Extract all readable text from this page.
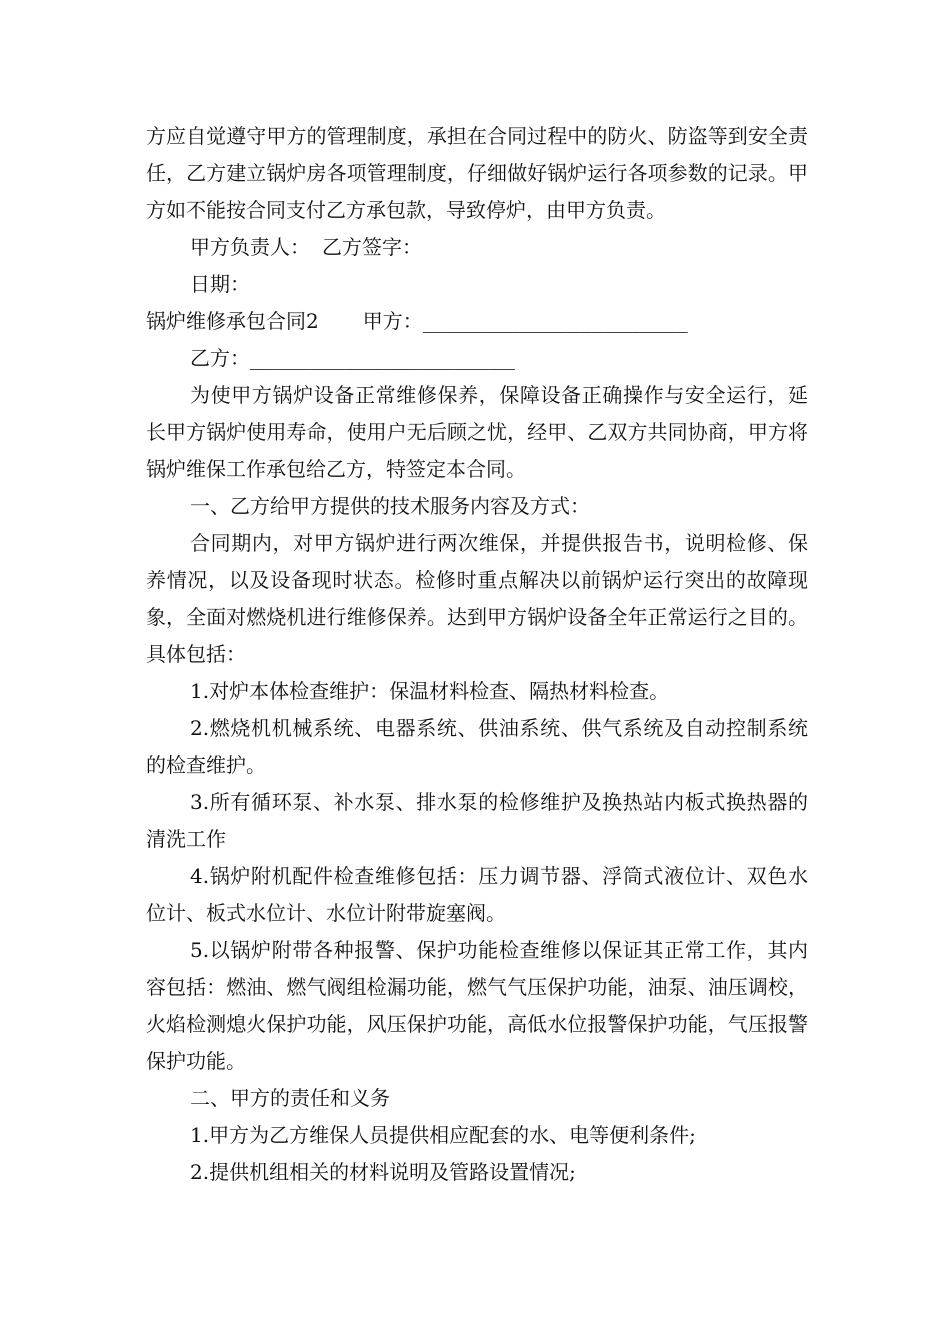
方应自觉遵守甲方的管理制度，承担在合同过程中的防火、防盗等到安全责任，乙方建立锅炉房各项管理制度，仔细做好锅炉运行各项参数的记录。甲方如不能按合同支付乙方承包款，导致停炉，由甲方负责。

甲方负责人： 乙方签字：

日期：

锅炉维修承包合同2 甲方： ______________________

乙方：______________________

为使甲方锅炉设备正常维修保养，保障设备正确操作与安全运行，延长甲方锅炉使用寿命，使用户无后顾之忧，经甲、乙双方共同协商，甲方将锅炉维保工作承包给乙方，特签定本合同。

一、乙方给甲方提供的技术服务内容及方式：

合同期内，对甲方锅炉进行两次维保，并提供报告书，说明检修、保养情况，以及设备现时状态。检修时重点解决以前锅炉运行突出的故障现象，全面对燃烧机进行维修保养。达到甲方锅炉设备全年正常运行之目的。具体包括：

1.对炉本体检查维护：保温材料检查、隔热材料检查。

2.燃烧机机械系统、电器系统、供油系统、供气系统及自动控制系统的检查维护。

3.所有循环泵、补水泵、排水泵的检修维护及换热站内板式换热器的清洗工作

4.锅炉附机配件检查维修包括：压力调节器、浮筒式液位计、双色水位计、板式水位计、水位计附带旋塞阀。

5.以锅炉附带各种报警、保护功能检查维修以保证其正常工作，其内容包括：燃油、燃气阀组检漏功能，燃气气压保护功能，油泵、油压调校，火焰检测熄火保护功能，风压保护功能，高低水位报警保护功能，气压报警保护功能。

二、甲方的责任和义务

1.甲方为乙方维保人员提供相应配套的水、电等便利条件;

2.提供机组相关的材料说明及管路设置情况;
